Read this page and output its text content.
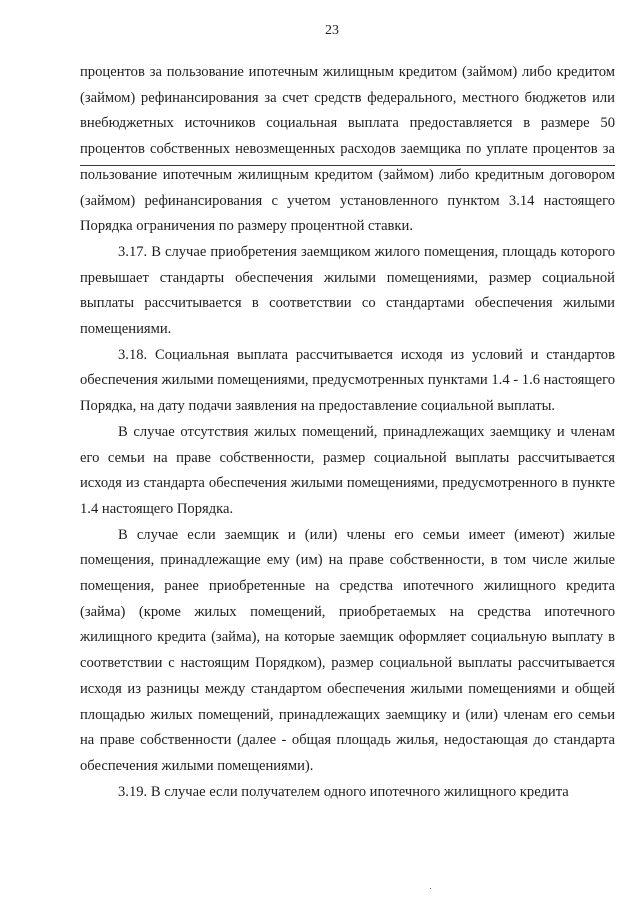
23

процентов за пользование ипотечным жилищным кредитом (займом) либо кредитом (займом) рефинансирования за счет средств федерального, местного бюджетов или внебюджетных источников социальная выплата предоставляется в размере 50 процентов собственных невозмещенных расходов заемщика по уплате процентов за пользование ипотечным жилищным кредитом (займом) либо кредитным договором (займом) рефинансирования с учетом установленного пунктом 3.14 настоящего Порядка ограничения по размеру процентной ставки.

3.17. В случае приобретения заемщиком жилого помещения, площадь которого превышает стандарты обеспечения жилыми помещениями, размер социальной выплаты рассчитывается в соответствии со стандартами обеспечения жилыми помещениями.

3.18. Социальная выплата рассчитывается исходя из условий и стандартов обеспечения жилыми помещениями, предусмотренных пунктами 1.4 - 1.6 настоящего Порядка, на дату подачи заявления на предоставление социальной выплаты.

В случае отсутствия жилых помещений, принадлежащих заемщику и членам его семьи на праве собственности, размер социальной выплаты рассчитывается исходя из стандарта обеспечения жилыми помещениями, предусмотренного в пункте 1.4 настоящего Порядка.

В случае если заемщик и (или) члены его семьи имеет (имеют) жилые помещения, принадлежащие ему (им) на праве собственности, в том числе жилые помещения, ранее приобретенные на средства ипотечного жилищного кредита (займа) (кроме жилых помещений, приобретаемых на средства ипотечного жилищного кредита (займа), на которые заемщик оформляет социальную выплату в соответствии с настоящим Порядком), размер социальной выплаты рассчитывается исходя из разницы между стандартом обеспечения жилыми помещениями и общей площадью жилых помещений, принадлежащих заемщику и (или) членам его семьи на праве собственности (далее - общая площадь жилья, недостающая до стандарта обеспечения жилыми помещениями).

3.19. В случае если получателем одного ипотечного жилищного кредита
